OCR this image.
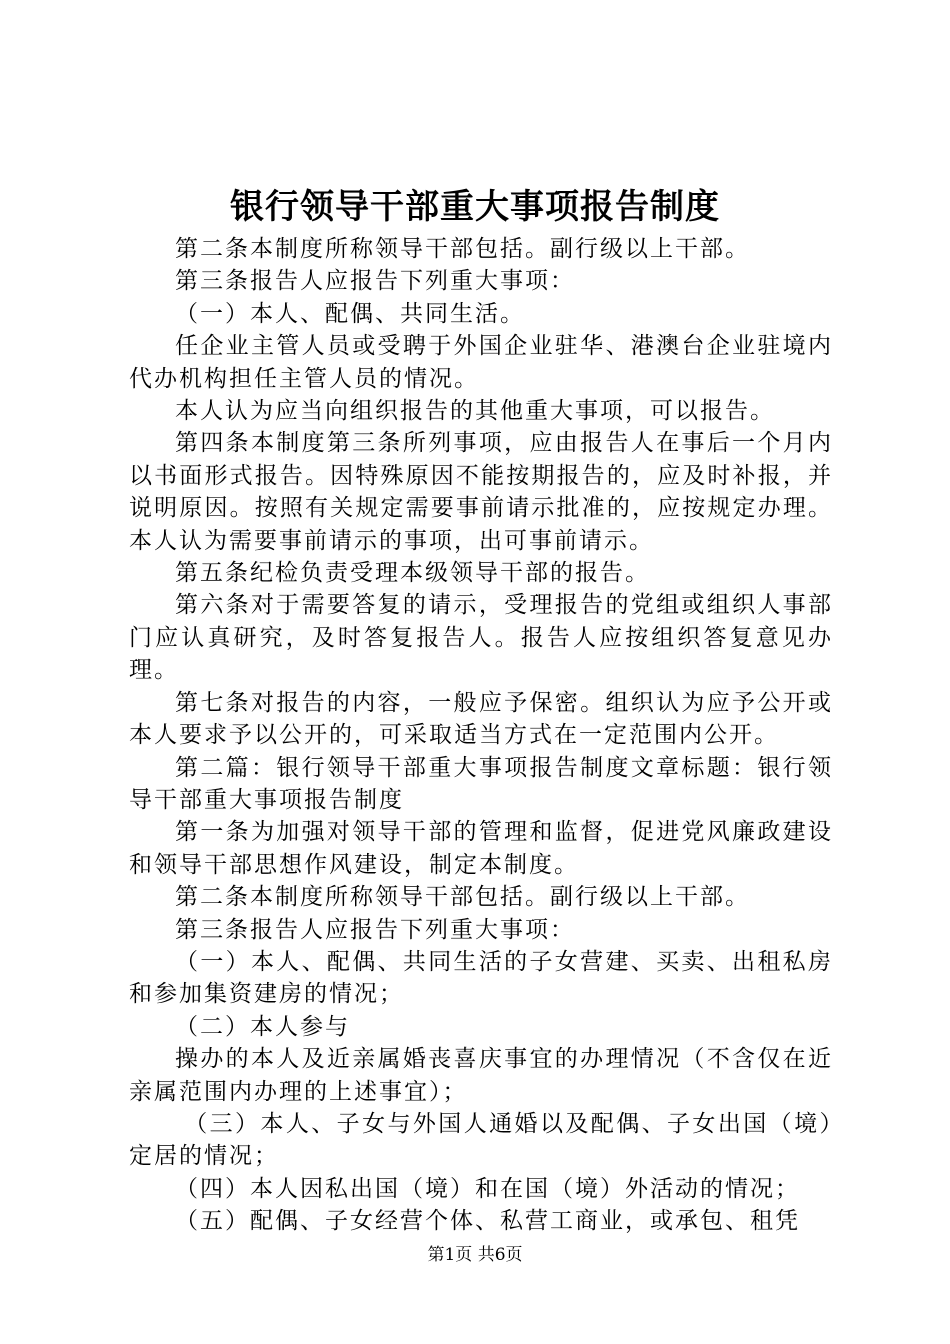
银行领导干部重大事项报告制度

第二条本制度所称领导干部包括。副行级以上干部。

第三条报告人应报告下列重大事项：

（一）本人、配偶、共同生活。

任企业主管人员或受聘于外国企业驻华、港澳台企业驻境内代办机构担任主管人员的情况。

本人认为应当向组织报告的其他重大事项，可以报告。

第四条本制度第三条所列事项，应由报告人在事后一个月内以书面形式报告。因特殊原因不能按期报告的，应及时补报，并说明原因。按照有关规定需要事前请示批准的，应按规定办理。本人认为需要事前请示的事项，出可事前请示。

第五条纪检负责受理本级领导干部的报告。

第六条对于需要答复的请示，受理报告的党组或组织人事部门应认真研究，及时答复报告人。报告人应按组织答复意见办理。

第七条对报告的内容，一般应予保密。组织认为应予公开或本人要求予以公开的，可采取适当方式在一定范围内公开。

第二篇：银行领导干部重大事项报告制度文章标题：银行领导干部重大事项报告制度

第一条为加强对领导干部的管理和监督，促进党风廉政建设和领导干部思想作风建设，制定本制度。

第二条本制度所称领导干部包括。副行级以上干部。

第三条报告人应报告下列重大事项：

（一）本人、配偶、共同生活的子女营建、买卖、出租私房和参加集资建房的情况；

（二）本人参与

操办的本人及近亲属婚丧喜庆事宜的办理情况（不含仅在近亲属范围内办理的上述事宜）；

（三）本人、子女与外国人通婚以及配偶、子女出国（境）定居的情况；

（四）本人因私出国（境）和在国（境）外活动的情况；

（五）配偶、子女经营个体、私营工商业，或承包、租凭

第1页 共6页
